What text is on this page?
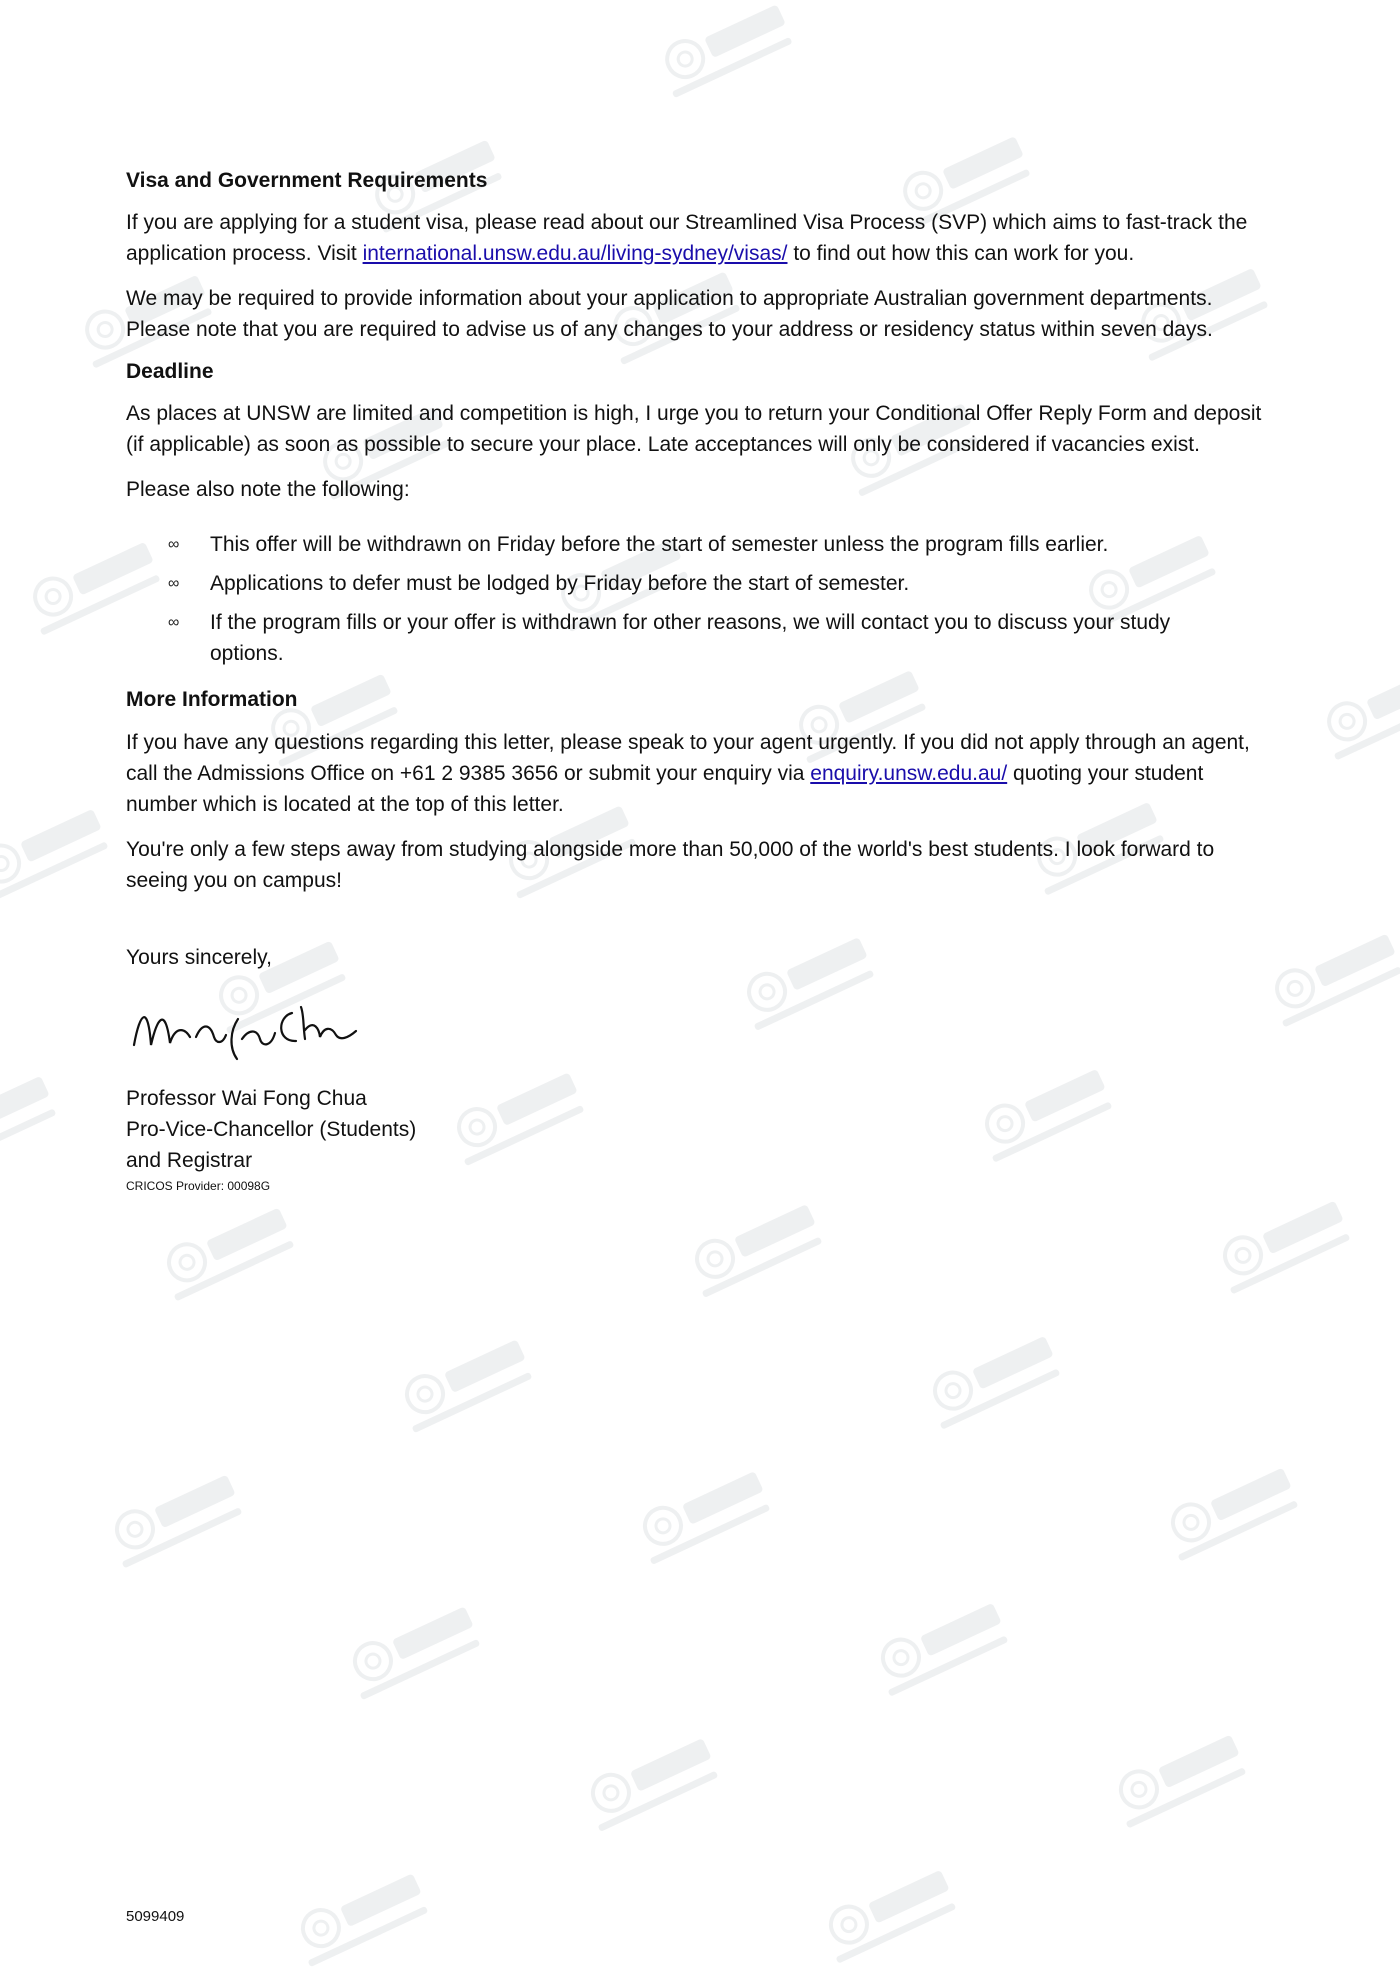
Visa and Government Requirements

If you are applying for a student visa, please read about our Streamlined Visa Process (SVP) which aims to fast-track the application process. Visit international.unsw.edu.au/living-sydney/visas/ to find out how this can work for you.

We may be required to provide information about your application to appropriate Australian government departments. Please note that you are required to advise us of any changes to your address or residency status within seven days.

Deadline

As places at UNSW are limited and competition is high, I urge you to return your Conditional Offer Reply Form and deposit (if applicable) as soon as possible to secure your place. Late acceptances will only be considered if vacancies exist.

Please also note the following:

∞	This offer will be withdrawn on Friday before the start of semester unless the program fills earlier.
∞	Applications to defer must be lodged by Friday before the start of semester.
∞	If the program fills or your offer is withdrawn for other reasons, we will contact you to discuss your study options.
More Information

If you have any questions regarding this letter, please speak to your agent urgently. If you did not apply through an agent, call the Admissions Office on +61 2 9385 3656 or submit your enquiry via enquiry.unsw.edu.au/ quoting your student number which is located at the top of this letter.

You're only a few steps away from studying alongside more than 50,000 of the world's best students. I look forward to seeing you on campus!

Yours sincerely,

Professor Wai Fong Chua

Pro-Vice-Chancellor (Students)

and Registrar

CRICOS Provider: 00098G
5099409
